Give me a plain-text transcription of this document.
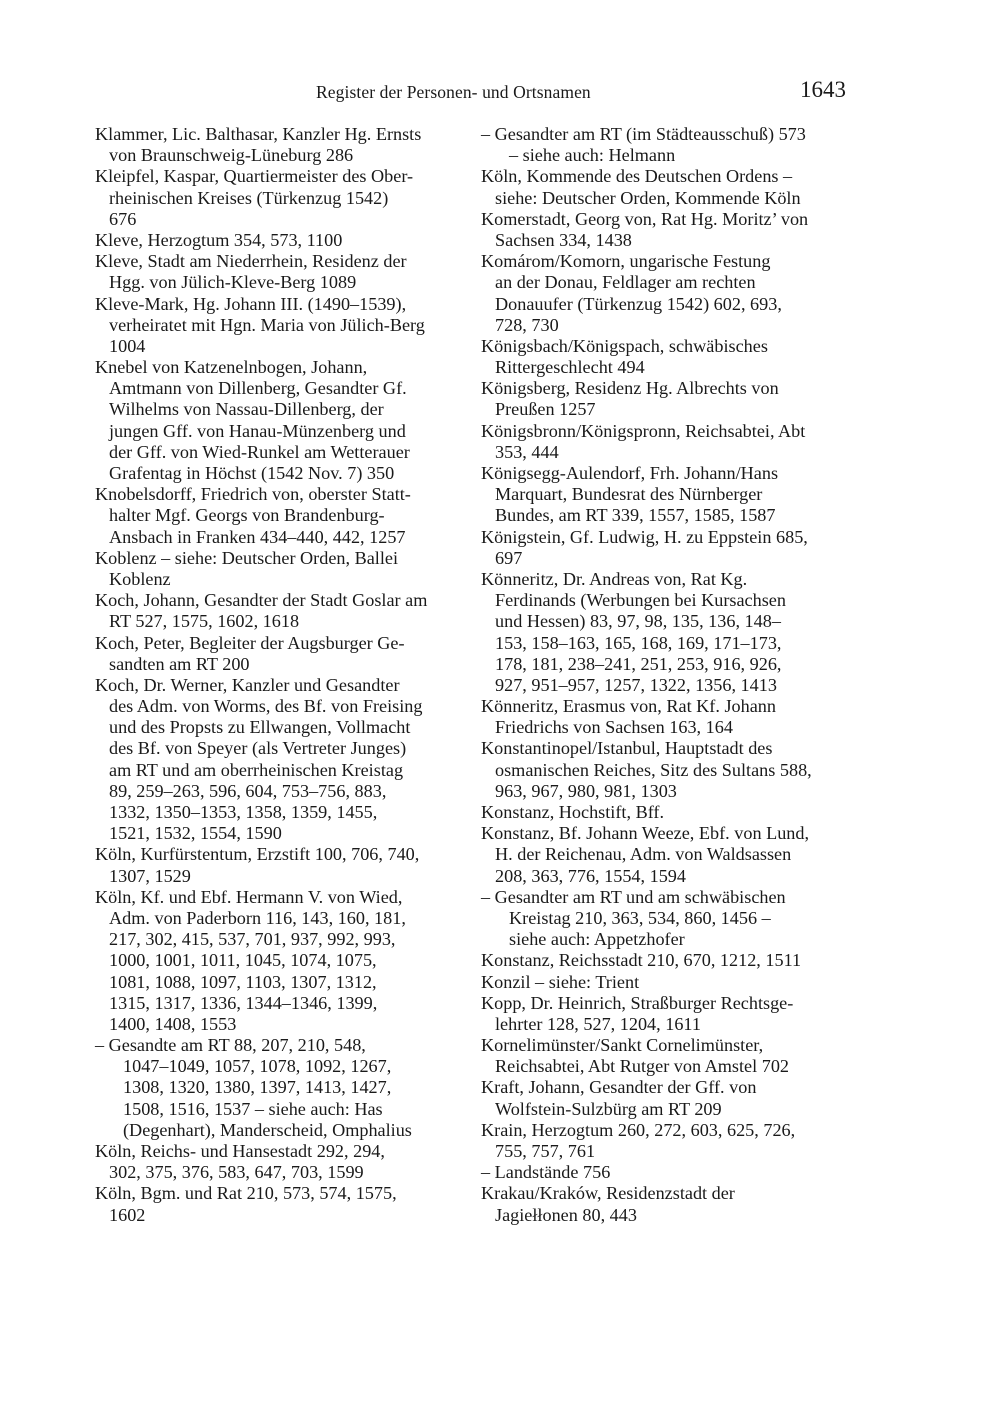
Register der Personen- und Ortsnamen	1643
Klammer, Lic. Balthasar, Kanzler Hg. Ernsts
von Braunschweig-Lüneburg 286
Kleipfel, Kaspar, Quartiermeister des Ober-
rheinischen Kreises (Türkenzug 1542)
676
Kleve, Herzogtum 354, 573, 1100
Kleve, Stadt am Niederrhein, Residenz der
Hgg. von Jülich-Kleve-Berg 1089
Kleve-Mark, Hg. Johann III. (1490–1539),
verheiratet mit Hgn. Maria von Jülich-Berg
1004
Knebel von Katzenelnbogen, Johann,
Amtmann von Dillenberg, Gesandter Gf.
Wilhelms von Nassau-Dillenberg, der
jungen Gff. von Hanau-Münzenberg und
der Gff. von Wied-Runkel am Wetterauer
Grafentag in Höchst (1542 Nov. 7) 350
Knobelsdorff, Friedrich von, oberster Statt-
halter Mgf. Georgs von Brandenburg-
Ansbach in Franken 434–440, 442, 1257
Koblenz – siehe: Deutscher Orden, Ballei
Koblenz
Koch, Johann, Gesandter der Stadt Goslar am
RT 527, 1575, 1602, 1618
Koch, Peter, Begleiter der Augsburger Ge-
sandten am RT 200
Koch, Dr. Werner, Kanzler und Gesandter
des Adm. von Worms, des Bf. von Freising
und des Propsts zu Ellwangen, Vollmacht
des Bf. von Speyer (als Vertreter Junges)
am RT und am oberrheinischen Kreistag
89, 259–263, 596, 604, 753–756, 883,
1332, 1350–1353, 1358, 1359, 1455,
1521, 1532, 1554, 1590
Köln, Kurfürstentum, Erzstift 100, 706, 740,
1307, 1529
Köln, Kf. und Ebf. Hermann V. von Wied,
Adm. von Paderborn 116, 143, 160, 181,
217, 302, 415, 537, 701, 937, 992, 993,
1000, 1001, 1011, 1045, 1074, 1075,
1081, 1088, 1097, 1103, 1307, 1312,
1315, 1317, 1336, 1344–1346, 1399,
1400, 1408, 1553
– Gesandte am RT 88, 207, 210, 548,
1047–1049, 1057, 1078, 1092, 1267,
1308, 1320, 1380, 1397, 1413, 1427,
1508, 1516, 1537 – siehe auch: Has
(Degenhart), Manderscheid, Omphalius
Köln, Reichs- und Hansestadt 292, 294,
302, 375, 376, 583, 647, 703, 1599
Köln, Bgm. und Rat 210, 573, 574, 1575,
1602
– Gesandter am RT (im Städteausschuß) 573
– siehe auch: Helmann
Köln, Kommende des Deutschen Ordens –
siehe: Deutscher Orden, Kommende Köln
Komerstadt, Georg von, Rat Hg. Moritz’ von
Sachsen 334, 1438
Komárom/Komorn, ungarische Festung
an der Donau, Feldlager am rechten
Donauufer (Türkenzug 1542) 602, 693,
728, 730
Königsbach/Königspach, schwäbisches
Rittergeschlecht 494
Königsberg, Residenz Hg. Albrechts von
Preußen 1257
Königsbronn/Königspronn, Reichsabtei, Abt
353, 444
Königsegg-Aulendorf, Frh. Johann/Hans
Marquart, Bundesrat des Nürnberger
Bundes, am RT 339, 1557, 1585, 1587
Königstein, Gf. Ludwig, H. zu Eppstein 685,
697
Könneritz, Dr. Andreas von, Rat Kg.
Ferdinands (Werbungen bei Kursachsen
und Hessen) 83, 97, 98, 135, 136, 148–
153, 158–163, 165, 168, 169, 171–173,
178, 181, 238–241, 251, 253, 916, 926,
927, 951–957, 1257, 1322, 1356, 1413
Könneritz, Erasmus von, Rat Kf. Johann
Friedrichs von Sachsen 163, 164
Konstantinopel/Istanbul, Hauptstadt des
osmanischen Reiches, Sitz des Sultans 588,
963, 967, 980, 981, 1303
Konstanz, Hochstift, Bff.
Konstanz, Bf. Johann Weeze, Ebf. von Lund,
H. der Reichenau, Adm. von Waldsassen
208, 363, 776, 1554, 1594
– Gesandter am RT und am schwäbischen
Kreistag 210, 363, 534, 860, 1456 –
siehe auch: Appetzhofer
Konstanz, Reichsstadt 210, 670, 1212, 1511
Konzil – siehe: Trient
Kopp, Dr. Heinrich, Straßburger Rechtsge-
lehrter 128, 527, 1204, 1611
Kornelimünster/Sankt Cornelimünster,
Reichsabtei, Abt Rutger von Amstel 702
Kraft, Johann, Gesandter der Gff. von
Wolfstein-Sulzbürg am RT 209
Krain, Herzogtum 260, 272, 603, 625, 726,
755, 757, 761
– Landstände 756
Krakau/Kraków, Residenzstadt der
Jagiełłonen 80, 443
